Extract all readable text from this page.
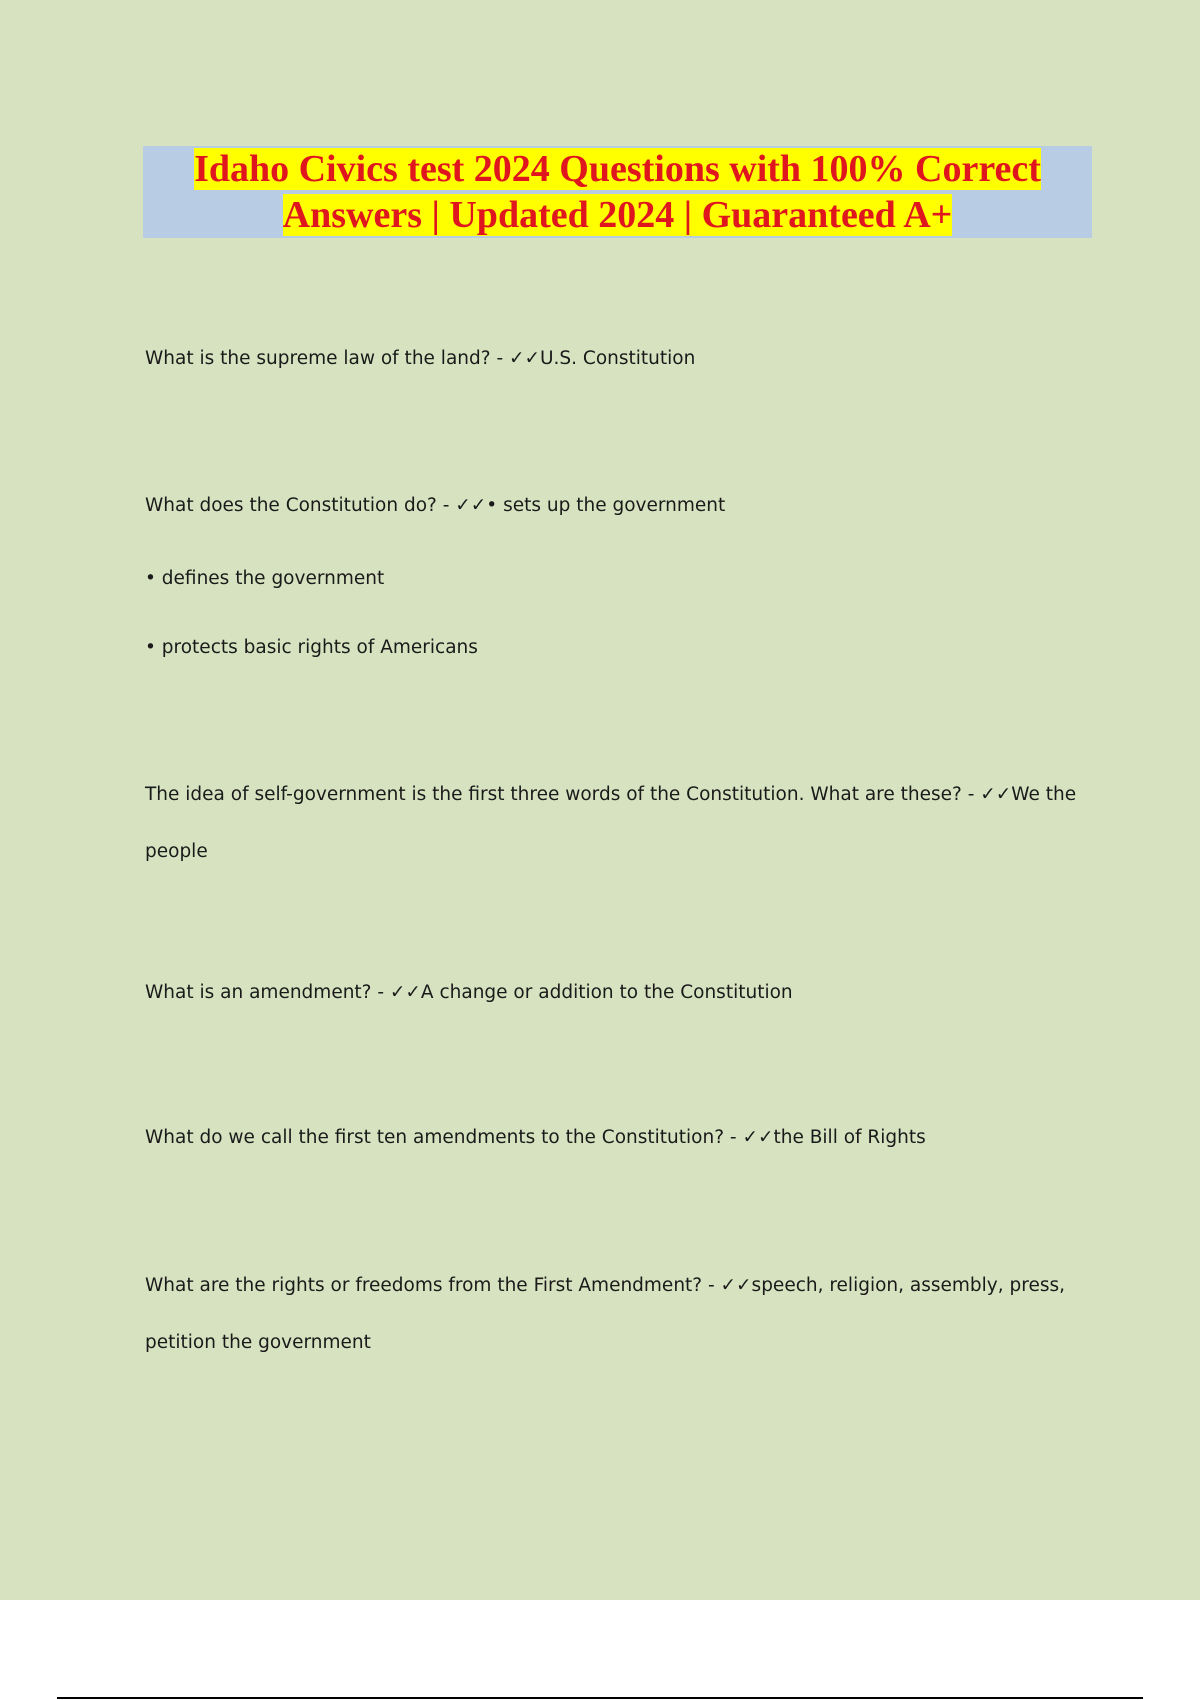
Idaho Civics test 2024 Questions with 100% Correct
Answers | Updated 2024 | Guaranteed A+

What is the supreme law of the land? - ✓✓U.S. Constitution

What does the Constitution do? - ✓✓• sets up the government

• defines the government

• protects basic rights of Americans

The idea of self-government is the first three words of the Constitution. What are these? - ✓✓We the people

What is an amendment? - ✓✓A change or addition to the Constitution

What do we call the first ten amendments to the Constitution? - ✓✓the Bill of Rights

What are the rights or freedoms from the First Amendment? - ✓✓speech, religion, assembly, press, petition the government
